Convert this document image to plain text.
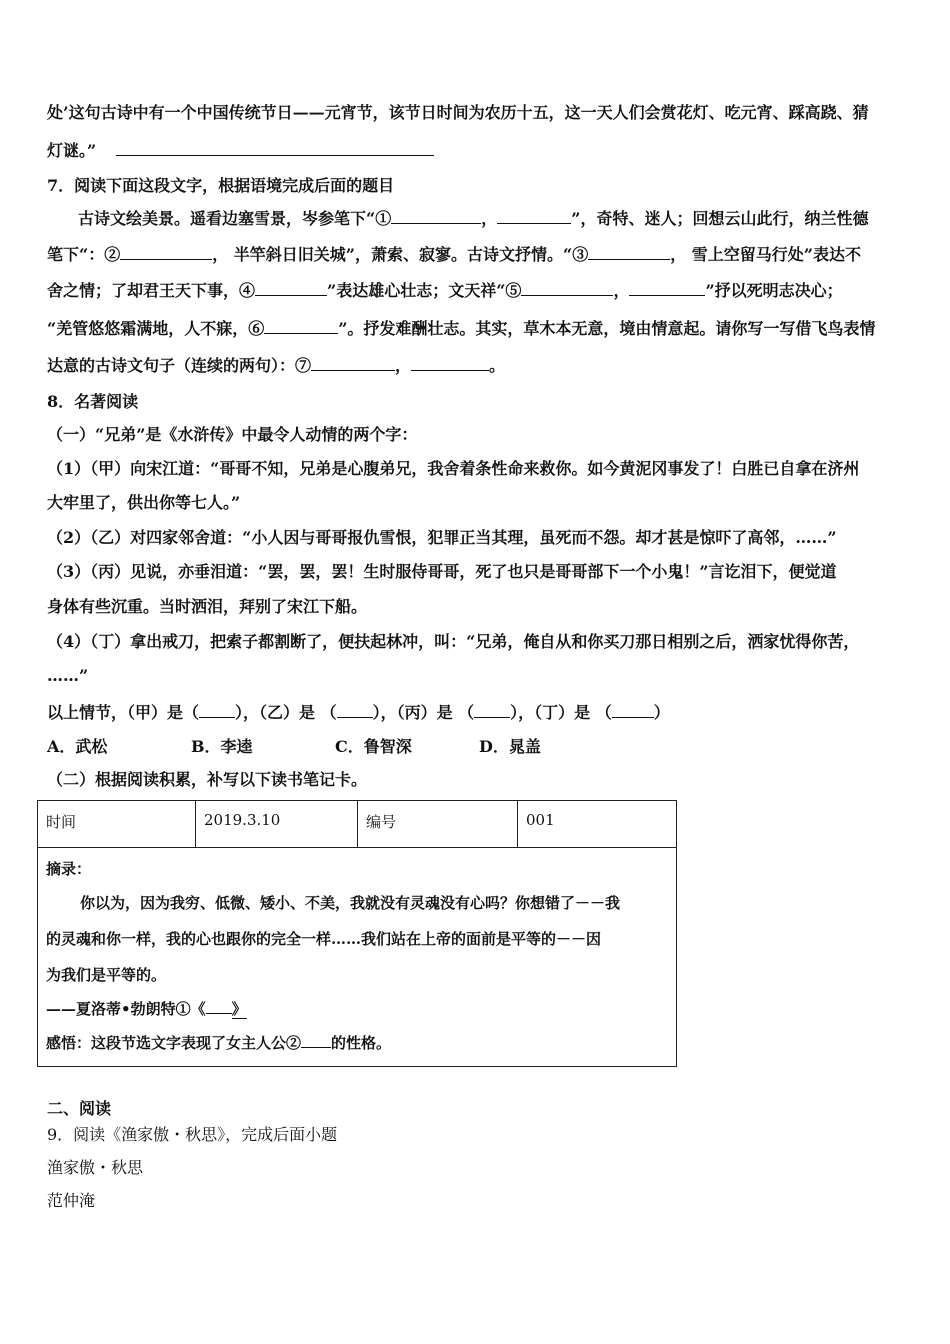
处’这句古诗中有一个中国传统节日——元宵节，该节日时间为农历十五，这一天人们会赏花灯、吃元宵、踩高跷、猜
灯谜。”
7．阅读下面这段文字，根据语境完成后面的题目
古诗文绘美景。遥看边塞雪景，岑参笔下“①	，	”，奇特、迷人；回想云山此行，纳兰性德
笔下“：②	， 半竿斜日旧关城”，萧索、寂寥。古诗文抒情。“③	， 雪上空留马行处”表达不
舍之情；了却君王天下事，④	”表达雄心壮志；文天祥“⑤	，	”抒以死明志决心；
“羌管悠悠霜满地，人不寐，⑥	”。抒发难酬壮志。其实，草木本无意，境由情意起。请你写一写借飞鸟表情
达意的古诗文句子（连续的两句）：⑦	，	。
8．名著阅读
（一）“兄弟”是《水浒传》中最令人动情的两个字：
（1）（甲）向宋江道：“哥哥不知，兄弟是心腹弟兄，我舍着条性命来救你。如今黄泥冈事发了！白胜已自拿在济州
大牢里了，供出你等七人。”
（2）（乙）对四家邻舍道：“小人因与哥哥报仇雪恨，犯罪正当其理，虽死而不怨。却才甚是惊吓了高邻，……”
（3）（丙）见说，亦垂泪道：“罢，罢，罢！生时服侍哥哥，死了也只是哥哥部下一个小鬼！”言讫泪下，便觉道
身体有些沉重。当时洒泪，拜别了宋江下船。
（4）（丁）拿出戒刀，把索子都割断了，便扶起林冲，叫：“兄弟，俺自从和你买刀那日相别之后，洒家忧得你苦，
……”
以上情节，（甲）是（ ），（乙）是 （ ），（丙）是 （ ），（丁）是 （	）
A．武松	B．李逵	C．鲁智深	D．晁盖
（二）根据阅读积累，补写以下读书笔记卡。
时间	2019.3.10	编号	001

摘录：
你以为，因为我穷、低微、矮小、不美，我就没有灵魂没有心吗？你想错了－－我
的灵魂和你一样，我的心也跟你的完全一样……我们站在上帝的面前是平等的－－因
为我们是平等的。
——夏洛蒂•勃朗特①《 》
感悟：这段节选文字表现了女主人公② 的性格。
二、阅读
9．阅读《渔家傲・秋思》，完成后面小题
渔家傲・秋思
范仲淹
